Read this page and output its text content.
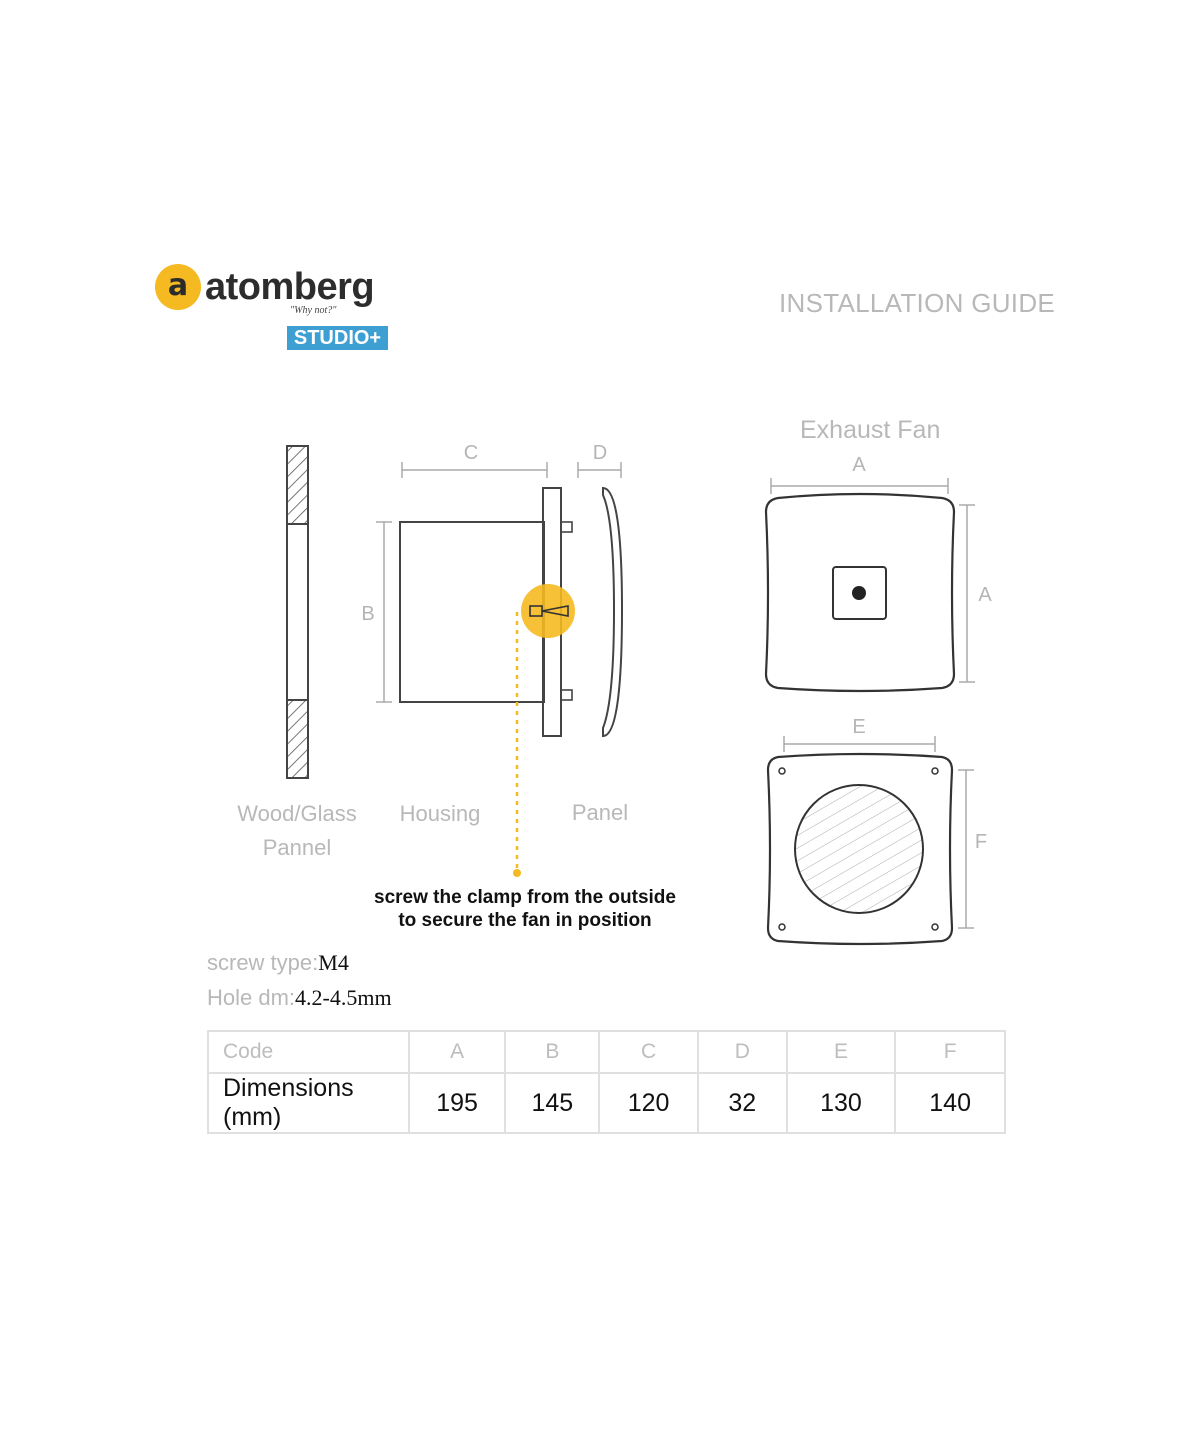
a atomberg
"Why not?"
STUDIO+
INSTALLATION GUIDE
Exhaust Fan
C	D
B
A
A
E
F
Wood/Glass
Pannel
Housing	Panel
screw the clamp from the outside
to secure the fan in position
screw type:M4
Hole dm:4.2-4.5mm
Code	A	B	C	D	E	F
Dimensions (mm)	195	145	120	32	130	140
